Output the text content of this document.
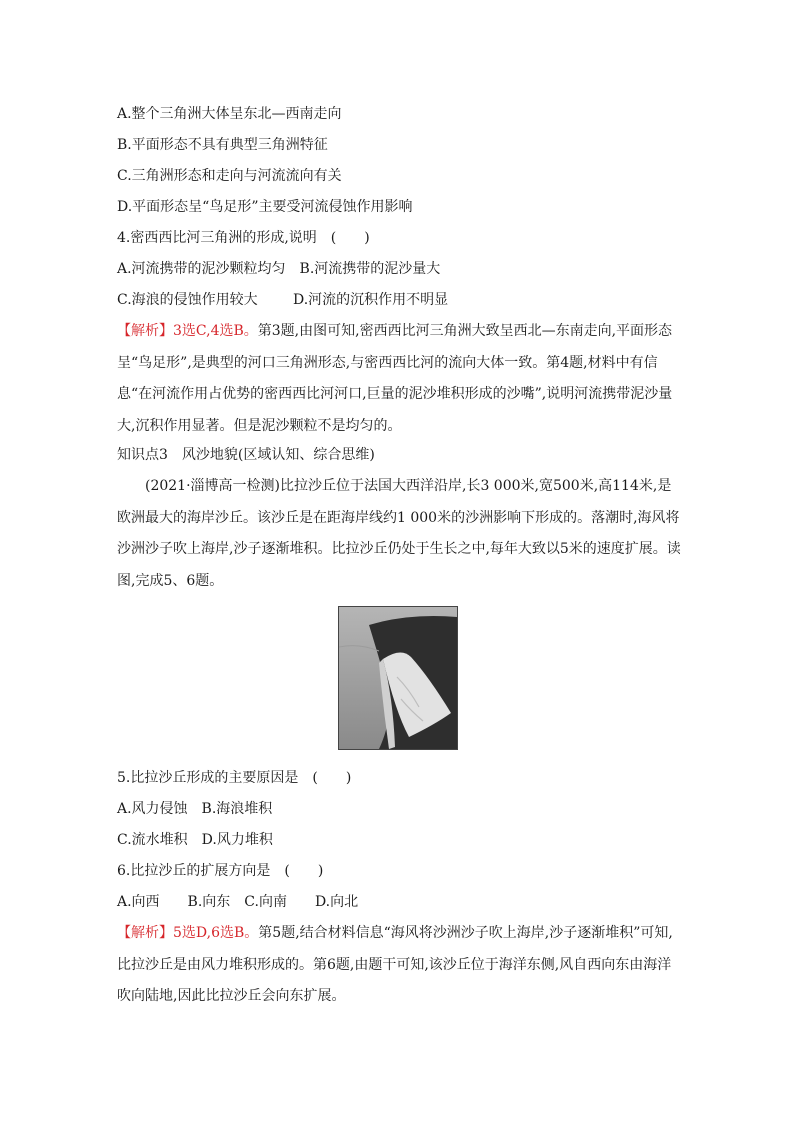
A.整个三角洲大体呈东北—西南走向
B.平面形态不具有典型三角洲特征
C.三角洲形态和走向与河流流向有关
D.平面形态呈“鸟足形”主要受河流侵蚀作用影响
4.密西西比河三角洲的形成,说明　(　　)
A.河流携带的泥沙颗粒均匀　B.河流携带的泥沙量大
C.海浪的侵蚀作用较大	D.河流的沉积作用不明显
【解析】3选C,4选B。第3题,由图可知,密西西比河三角洲大致呈西北—东南走向,平面形态呈“鸟足形”,是典型的河口三角洲形态,与密西西比河的流向大体一致。第4题,材料中有信息“在河流作用占优势的密西西比河河口,巨量的泥沙堆积形成的沙嘴”,说明河流携带泥沙量大,沉积作用显著。但是泥沙颗粒不是均匀的。
知识点3　风沙地貌(区域认知、综合思维)
(2021·淄博高一检测)比拉沙丘位于法国大西洋沿岸,长3 000米,宽500米,高114米,是欧洲最大的海岸沙丘。该沙丘是在距海岸线约1 000米的沙洲影响下形成的。落潮时,海风将沙洲沙子吹上海岸,沙子逐渐堆积。比拉沙丘仍处于生长之中,每年大致以5米的速度扩展。读图,完成5、6题。
5.比拉沙丘形成的主要原因是　(　　)
A.风力侵蚀　B.海浪堆积
C.流水堆积　D.风力堆积
6.比拉沙丘的扩展方向是　(　　)
A.向西　　B.向东　C.向南　　D.向北
【解析】5选D,6选B。第5题,结合材料信息“海风将沙洲沙子吹上海岸,沙子逐渐堆积”可知,比拉沙丘是由风力堆积形成的。第6题,由题干可知,该沙丘位于海洋东侧,风自西向东由海洋吹向陆地,因此比拉沙丘会向东扩展。
